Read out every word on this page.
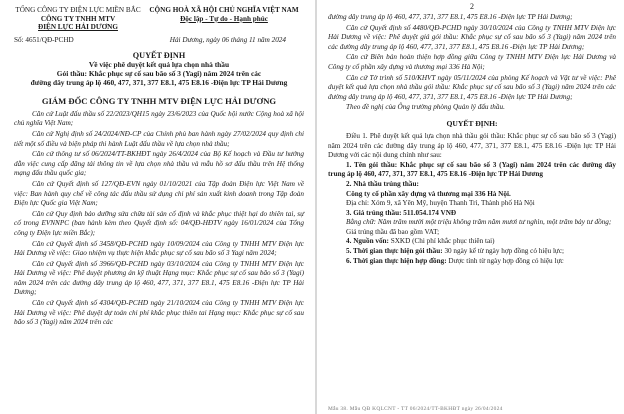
TỔNG CÔNG TY ĐIỆN LỰC MIỀN BẮC
CÔNG TY TNHH MTV
ĐIỆN LỰC HẢI DƯƠNG
CỘNG HOÀ XÃ HỘI CHỦ NGHĨA VIỆT NAM
Độc lập - Tự do - Hạnh phúc
Số: 4651/QĐ-PCHD	Hải Dương, ngày 06 tháng 11 năm 2024
QUYẾT ĐỊNH
Về việc phê duyệt kết quả lựa chọn nhà thầu
Gói thầu: Khắc phục sự cố sau bão số 3 (Yagi) năm 2024 trên các
đường dây trung áp lộ 460, 477, 371, 377 E8.1, 475 E8.16 -Điện lực TP Hải Dương
GIÁM ĐỐC CÔNG TY TNHH MTV ĐIỆN LỰC HẢI DƯƠNG

Căn cứ Luật đấu thầu số 22/2023/QH15 ngày 23/6/2023 của Quốc hội nước Cộng hoà xã hội chủ nghĩa Việt Nam;

Căn cứ Nghị định số 24/2024/NĐ-CP của Chính phủ ban hành ngày 27/02/2024 quy định chi tiết một số điều và biện pháp thi hành Luật đấu thầu về lựa chọn nhà thầu;

Căn cứ thông tư số 06/2024/TT-BKHĐT ngày 26/4/2024 của Bộ Kế hoạch và Đầu tư hướng dẫn việc cung cấp đăng tải thông tin về lựa chọn nhà thầu và mẫu hồ sơ đấu thầu trên Hệ thống mạng đấu thầu quốc gia;

Căn cứ Quyết định số 127/QĐ-EVN ngày 01/10/2021 của Tập đoàn Điện lực Việt Nam về việc: Ban hành quy chế về công tác đấu thầu sử dụng chi phí sản xuất kinh doanh trong Tập đoàn Điện lực Quốc gia Việt Nam;

Căn cứ Quy định bảo dưỡng sửa chữa tài sản cố định và khắc phục thiệt hại do thiên tai, sự cố trong EVNNPC (ban hành kèm theo Quyết định số: 04/QĐ-HĐTV ngày 16/01/2024 của Tổng công ty Điện lực miền Bắc);

Căn cứ Quyết định số 3458/QĐ-PCHD ngày 10/09/2024 của Công ty TNHH MTV Điện lực Hải Dương về việc: Giao nhiệm vụ thực hiện khắc phục sự cố sau bão số 3 Yagi năm 2024;

Căn cứ Quyết định số 3966/QĐ-PCHD ngày 03/10/2024 của Công ty TNHH MTV Điện lực Hải Dương về việc: Phê duyệt phương án kỹ thuật Hạng mục: Khắc phục sự cố sau bão số 3 (Yagi) năm 2024 trên các đường dây trung áp lộ 460, 477, 371, 377 E8.1, 475 E8.16 -Điện lực TP Hải Dương;

Căn cứ Quyết định số 4304/QĐ-PCHD ngày 21/10/2024 của Công ty TNHH MTV Điện lực Hải Dương về việc: Phê duyệt dự toán chi phí khắc phục thiên tai Hạng mục: Khắc phục sự cố sau bão số 3 (Yagi) năm 2024 trên các

2

đường dây trung áp lộ 460, 477, 371, 377 E8.1, 475 E8.16 -Điện lực TP Hải Dương;

Căn cứ Quyết định số 4480/QĐ-PCHD ngày 30/10/2024 của Công ty TNHH MTV Điện lực Hải Dương về việc: Phê duyệt giá gói thầu: Khắc phục sự cố sau bão số 3 (Yagi) năm 2024 trên các đường dây trung áp lộ 460, 477, 371, 377 E8.1, 475 E8.16 -Điện lực TP Hải Dương;

Căn cứ Biên bản hoàn thiện hợp đồng giữa Công ty TNHH MTV Điện lực Hải Dương và Công ty cổ phần xây dựng và thương mại 336 Hà Nội;

Căn cứ Tờ trình số 510/KHVT ngày 05/11/2024 của phòng Kế hoạch và Vật tư về việc: Phê duyệt kết quả lựa chọn nhà thầu gói thầu: Khắc phục sự cố sau bão số 3 (Yagi) năm 2024 trên các đường dây trung áp lộ 460, 477, 371, 377 E8.1, 475 E8.16 -Điện lực TP Hải Dương;

Theo đề nghị của Ông trưởng phòng Quản lý đấu thầu.

QUYẾT ĐỊNH:

Điều 1. Phê duyệt kết quả lựa chọn nhà thầu gói thầu: Khắc phục sự cố sau bão số 3 (Yagi) năm 2024 trên các đường dây trung áp lộ 460, 477, 371, 377 E8.1, 475 E8.16 -Điện lực TP Hải Dương với các nội dung chính như sau:

1. Tên gói thầu: Khắc phục sự cố sau bão số 3 (Yagi) năm 2024 trên các đường dây trung áp lộ 460, 477, 371, 377 E8.1, 475 E8.16 -Điện lực TP Hải Dương

2. Nhà thầu trúng thầu:

Công ty cổ phần xây dựng và thương mại 336 Hà Nội.

Địa chỉ: Xóm 9, xã Yên Mỹ, huyện Thanh Trì, Thành phố Hà Nội

3. Giá trúng thầu: 511.054.174 VNĐ

Bằng chữ: Năm trăm mười một triệu không trăm năm mươi tư nghìn, một trăm bảy tư đồng;

Giá trúng thầu đã bao gồm VAT;

4. Nguồn vốn: SXKD (Chi phí khắc phục thiên tai)

5. Thời gian thực hiện gói thầu: 30 ngày kể từ ngày hợp đồng có hiệu lực;

6. Thời gian thực hiện hợp đồng: Dược tính từ ngày hợp đồng có hiệu lực

Mẫu 38. Mẫu QĐ KQLCNT - TT 06/2024/TT-BKHĐT ngày 26/04/2024
